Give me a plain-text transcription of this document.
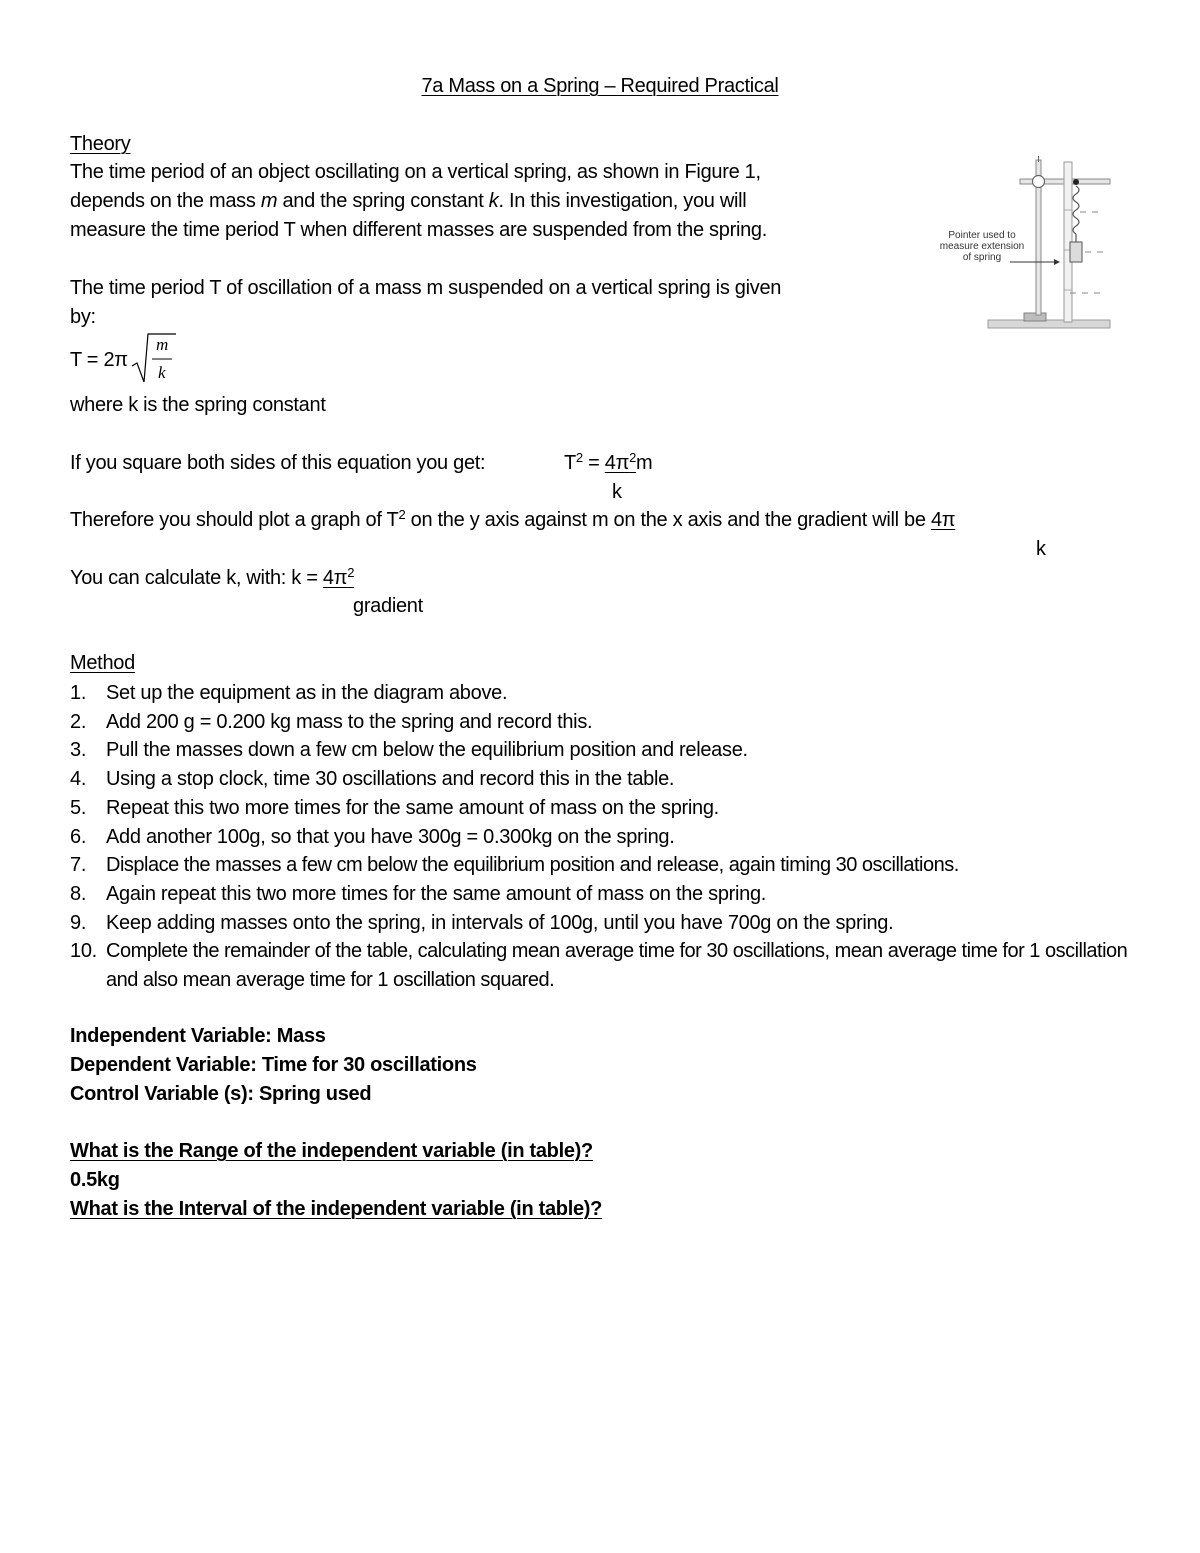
7a Mass on a Spring – Required Practical
Theory
The time period of an object oscillating on a vertical spring, as shown in Figure 1,
depends on the mass m and the spring constant k. In this investigation, you will
measure the time period T when different masses are suspended from the spring.
The time period T of oscillation of a mass m suspended on a vertical spring is given
by:
T = 2π
m
k
where k is the spring constant
If you square both sides of this equation you get:	$T^2 = 4\pi^2m$
k
Therefore you should plot a graph of $T^2$ on the y axis against m on the x axis and the gradient will be 4π
k
You can calculate k, with: $k = 4\pi^2$
gradient
Pointer used to
measure extension
of spring
Method
1. Set up the equipment as in the diagram above.
2. Add 200 g = 0.200 kg mass to the spring and record this.
3. Pull the masses down a few cm below the equilibrium position and release.
4. Using a stop clock, time 30 oscillations and record this in the table.
5. Repeat this two more times for the same amount of mass on the spring.
6. Add another 100g, so that you have 300g = 0.300kg on the spring.
7. Displace the masses a few cm below the equilibrium position and release, again timing 30 oscillations.
8. Again repeat this two more times for the same amount of mass on the spring.
9. Keep adding masses onto the spring, in intervals of 100g, until you have 700g on the spring.
10. Complete the remainder of the table, calculating mean average time for 30 oscillations, mean average time for 1 oscillation and also mean average time for 1 oscillation squared.
Independent Variable: Mass
Dependent Variable: Time for 30 oscillations
Control Variable (s): Spring used
What is the Range of the independent variable (in table)?
0.5kg
What is the Interval of the independent variable (in table)?
